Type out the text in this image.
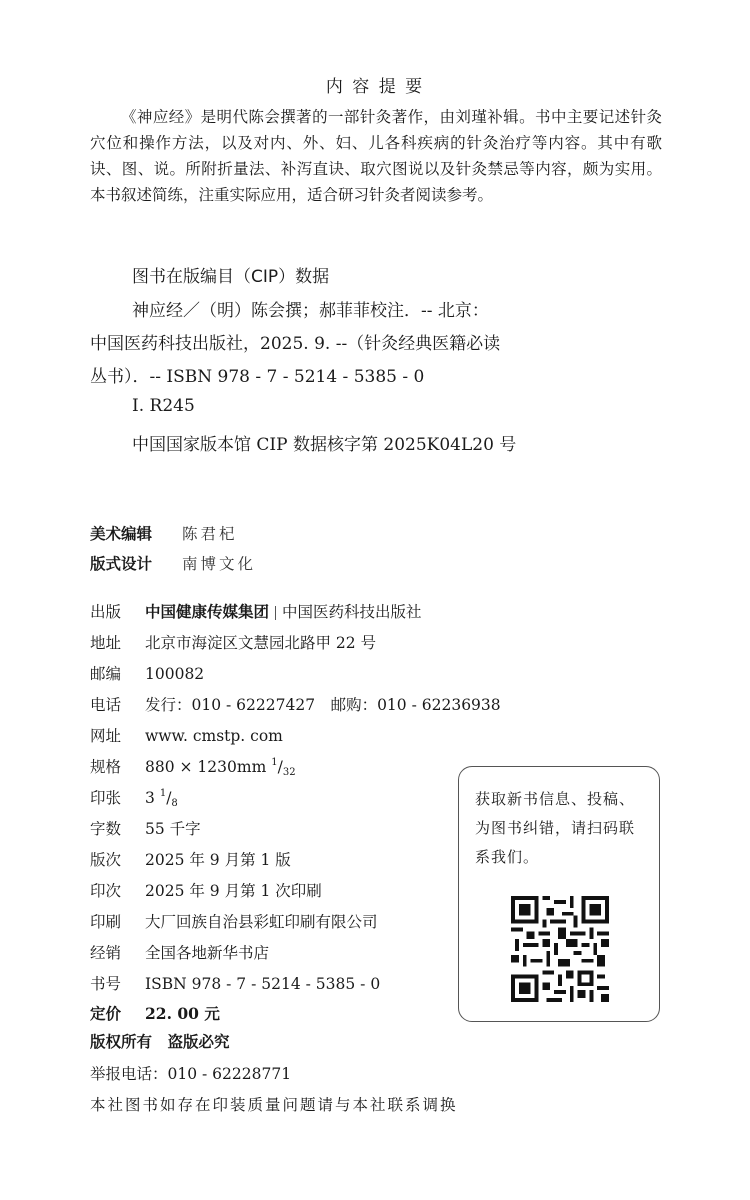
内 容 提 要

《神应经》是明代陈会撰著的一部针灸著作，由刘瑾补辑。书中主要记述针灸穴位和操作方法，以及对内、外、妇、儿各科疾病的针灸治疗等内容。其中有歌诀、图、说。所附折量法、补泻直诀、取穴图说以及针灸禁忌等内容，颇为实用。本书叙述简练，注重实际应用，适合研习针灸者阅读参考。

图书在版编目（CIP）数据
神应经／（明）陈会撰；郝菲菲校注．-- 北京：
中国医药科技出版社，2025. 9. --（针灸经典医籍必读
丛书）．-- ISBN 978 - 7 - 5214 - 5385 - 0
Ⅰ. R245
中国国家版本馆 CIP 数据核字第 2025K04L20 号
美术编辑 陈君杞
版式设计 南博文化
出版 中国健康传媒集团 中国医药科技出版社
地址 北京市海淀区文慧园北路甲 22 号
邮编 100082
电话 发行：010 - 62227427　邮购：010 - 62236938
网址 www. cmstp. com
规格 880 × 1230mm $^1/_{32}$
印张 3 $^1/_8$
字数 55 千字
版次 2025 年 9 月第 1 版
印次 2025 年 9 月第 1 次印刷
印刷 大厂回族自治县彩虹印刷有限公司
经销 全国各地新华书店
书号 ISBN 978 - 7 - 5214 - 5385 - 0
定价 22. 00 元
版权所有　盗版必究
举报电话：010 - 62228771
本社图书如存在印装质量问题请与本社联系调换
获取新书信息、投稿、为图书纠错，请扫码联系我们。
